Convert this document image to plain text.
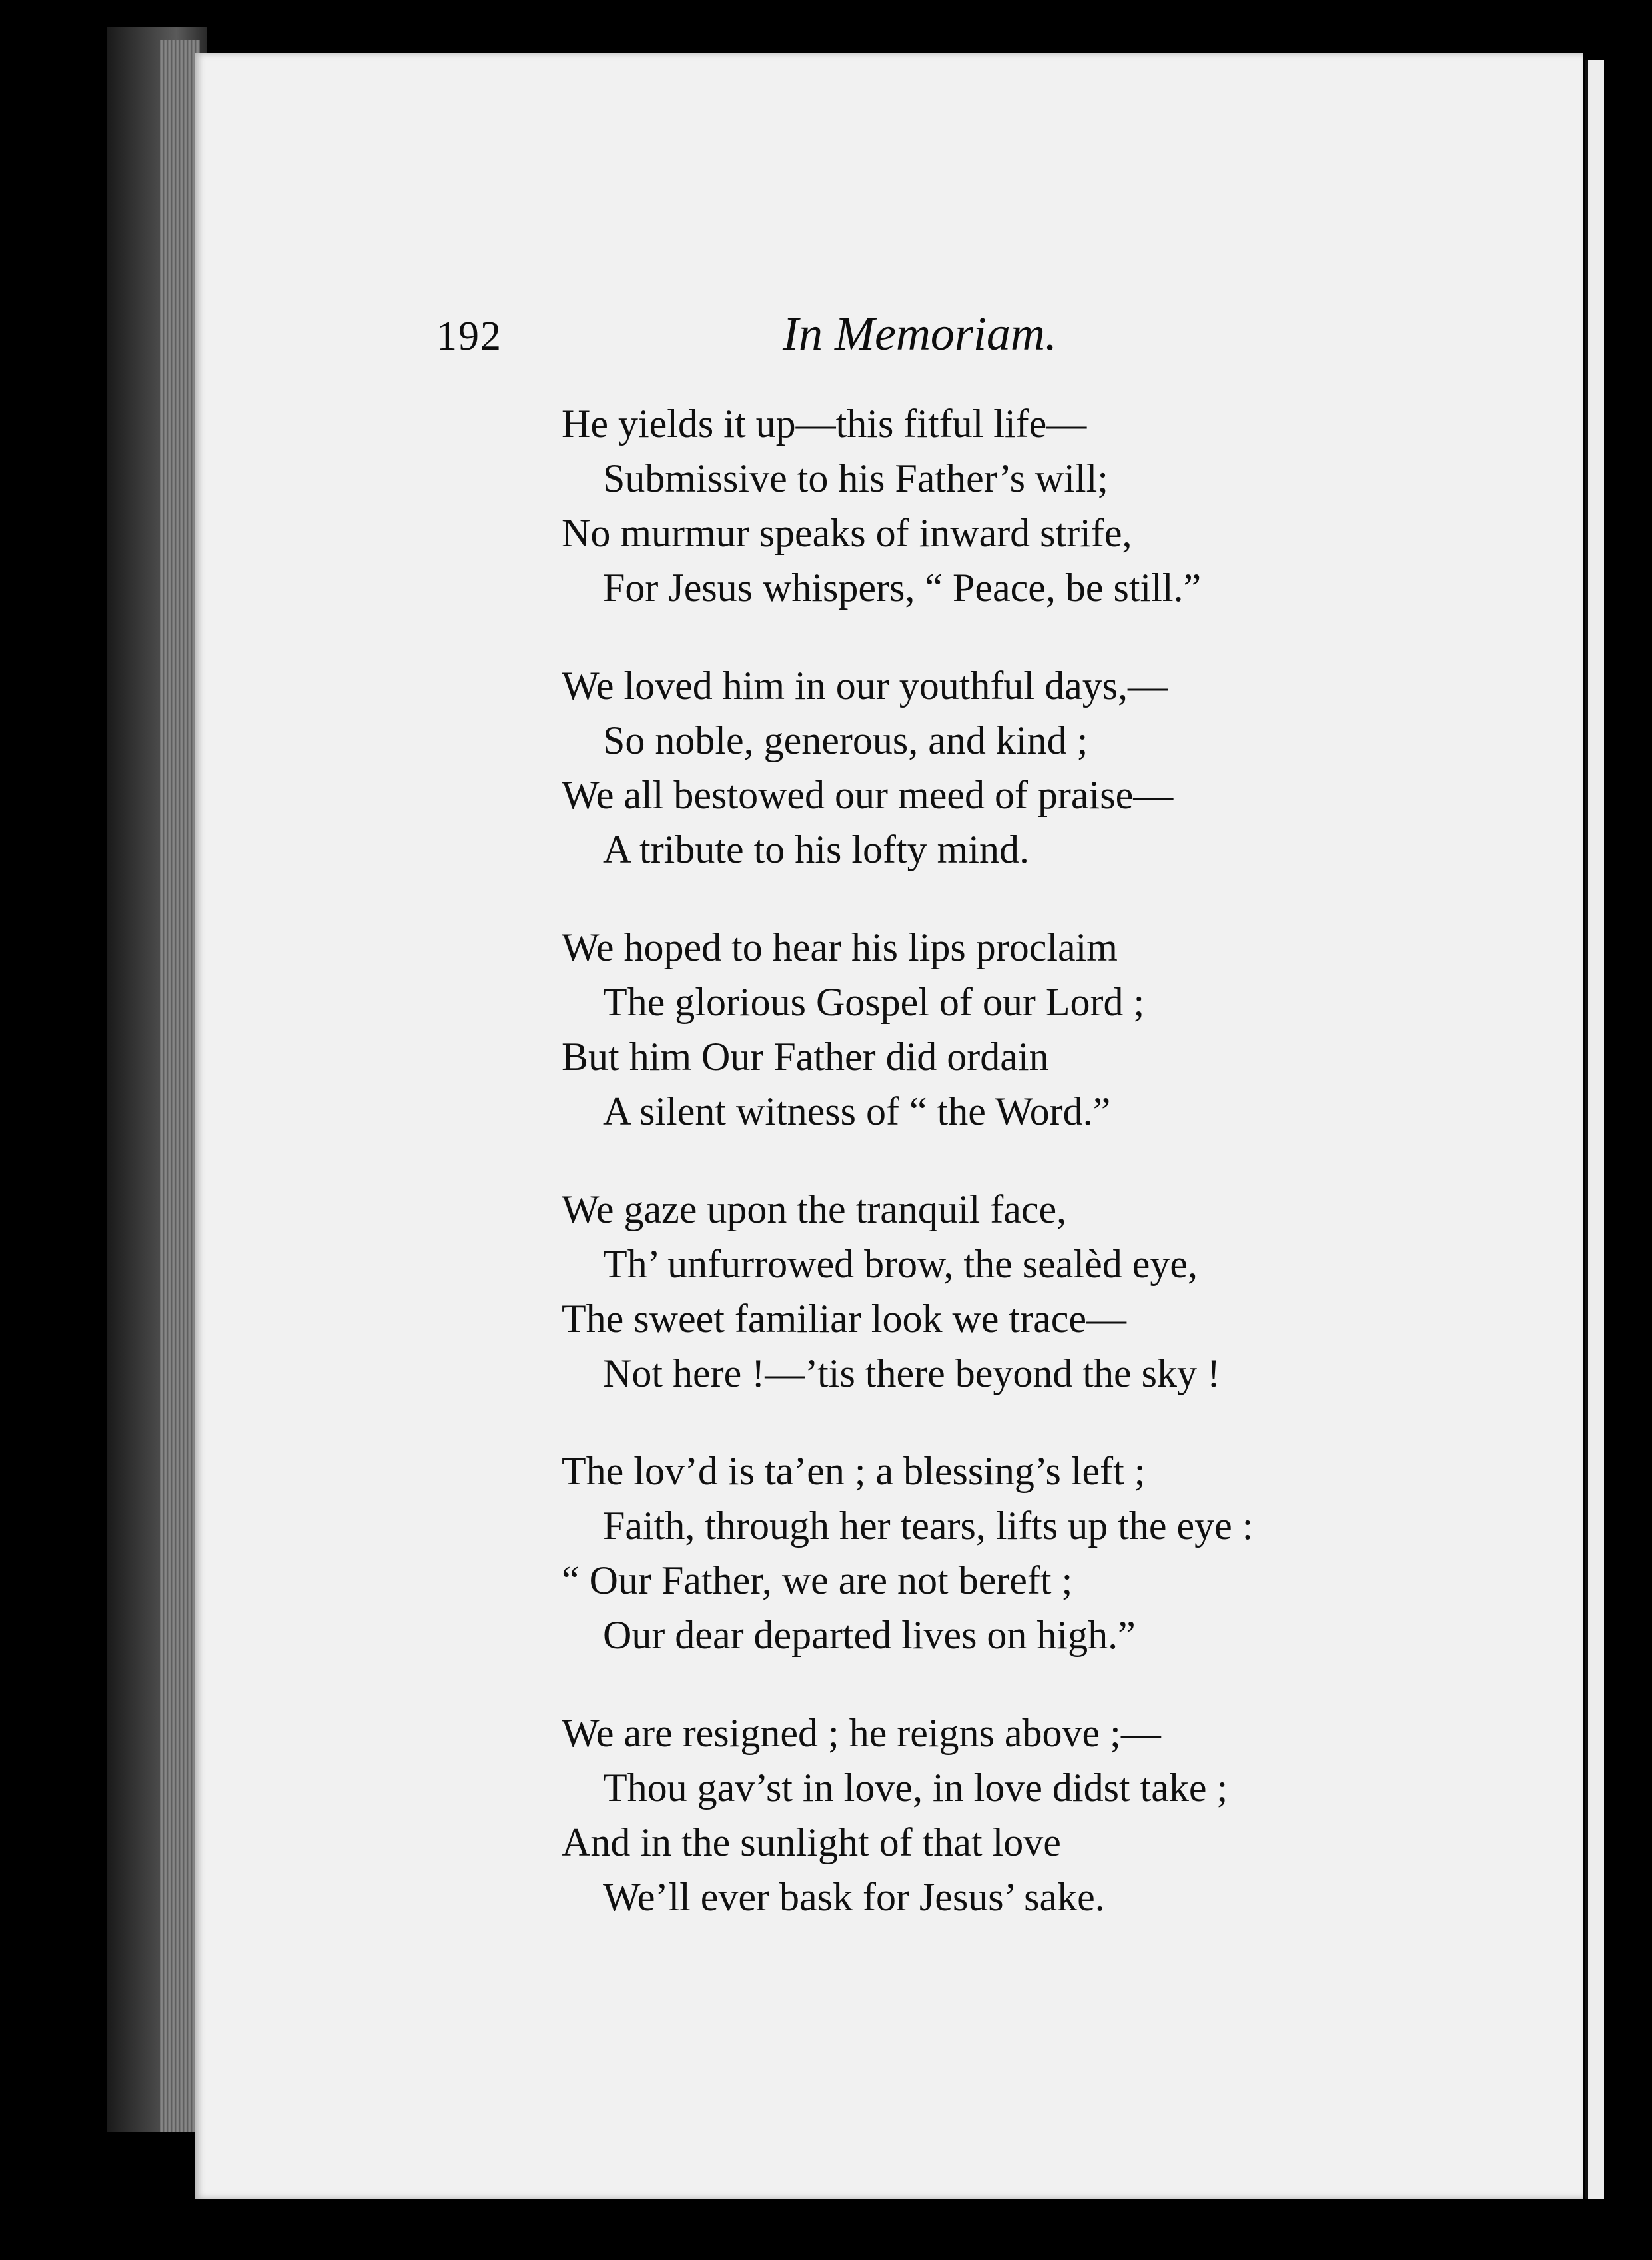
192	In Memoriam.
He yields it up—this fitful life—
Submissive to his Father’s will;
No murmur speaks of inward strife,
For Jesus whispers, “ Peace, be still.”
We loved him in our youthful days,—
So noble, generous, and kind ;
We all bestowed our meed of praise—
A tribute to his lofty mind.
We hoped to hear his lips proclaim
The glorious Gospel of our Lord ;
But him Our Father did ordain
A silent witness of “ the Word.”
We gaze upon the tranquil face,
Th’ unfurrowed brow, the sealèd eye,
The sweet familiar look we trace—
Not here !—’tis there beyond the sky !
The lov’d is ta’en ; a blessing’s left ;
Faith, through her tears, lifts up the eye :
“ Our Father, we are not bereft ;
Our dear departed lives on high.”
We are resigned ; he reigns above ;—
Thou gav’st in love, in love didst take ;
And in the sunlight of that love
We’ll ever bask for Jesus’ sake.
